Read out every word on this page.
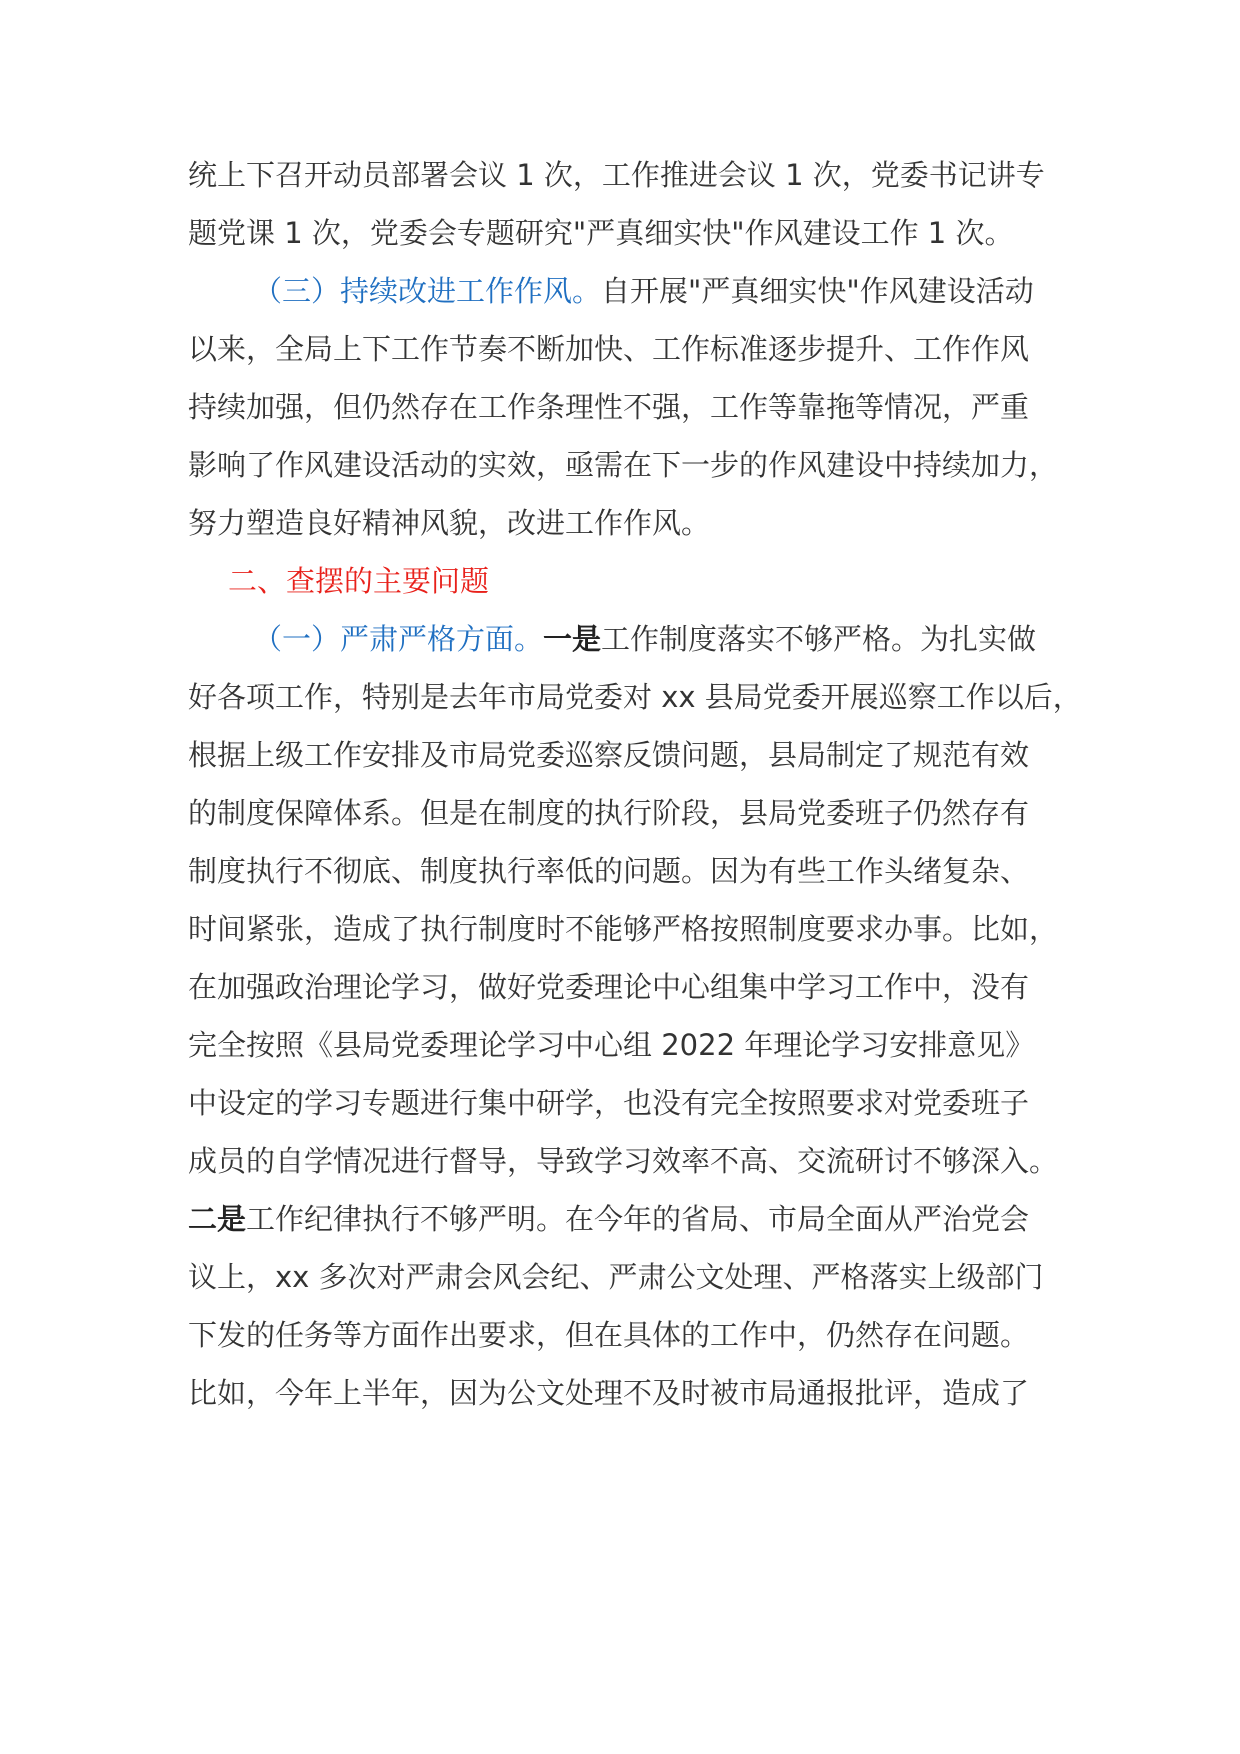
统上下召开动员部署会议 1 次，工作推进会议 1 次，党委书记讲专
题党课 1 次，党委会专题研究"严真细实快"作风建设工作 1 次。
（三）持续改进工作作风。自开展"严真细实快"作风建设活动
以来，全局上下工作节奏不断加快、工作标准逐步提升、工作作风
持续加强，但仍然存在工作条理性不强，工作等靠拖等情况，严重
影响了作风建设活动的实效，亟需在下一步的作风建设中持续加力，
努力塑造良好精神风貌，改进工作作风。
二、查摆的主要问题
（一）严肃严格方面。一是工作制度落实不够严格。为扎实做
好各项工作，特别是去年市局党委对 xx 县局党委开展巡察工作以后，
根据上级工作安排及市局党委巡察反馈问题，县局制定了规范有效
的制度保障体系。但是在制度的执行阶段，县局党委班子仍然存有
制度执行不彻底、制度执行率低的问题。因为有些工作头绪复杂、
时间紧张，造成了执行制度时不能够严格按照制度要求办事。比如，
在加强政治理论学习，做好党委理论中心组集中学习工作中，没有
完全按照《县局党委理论学习中心组 2022 年理论学习安排意见》
中设定的学习专题进行集中研学，也没有完全按照要求对党委班子
成员的自学情况进行督导，导致学习效率不高、交流研讨不够深入。
二是工作纪律执行不够严明。在今年的省局、市局全面从严治党会
议上，xx 多次对严肃会风会纪、严肃公文处理、严格落实上级部门
下发的任务等方面作出要求，但在具体的工作中，仍然存在问题。
比如，今年上半年，因为公文处理不及时被市局通报批评，造成了
